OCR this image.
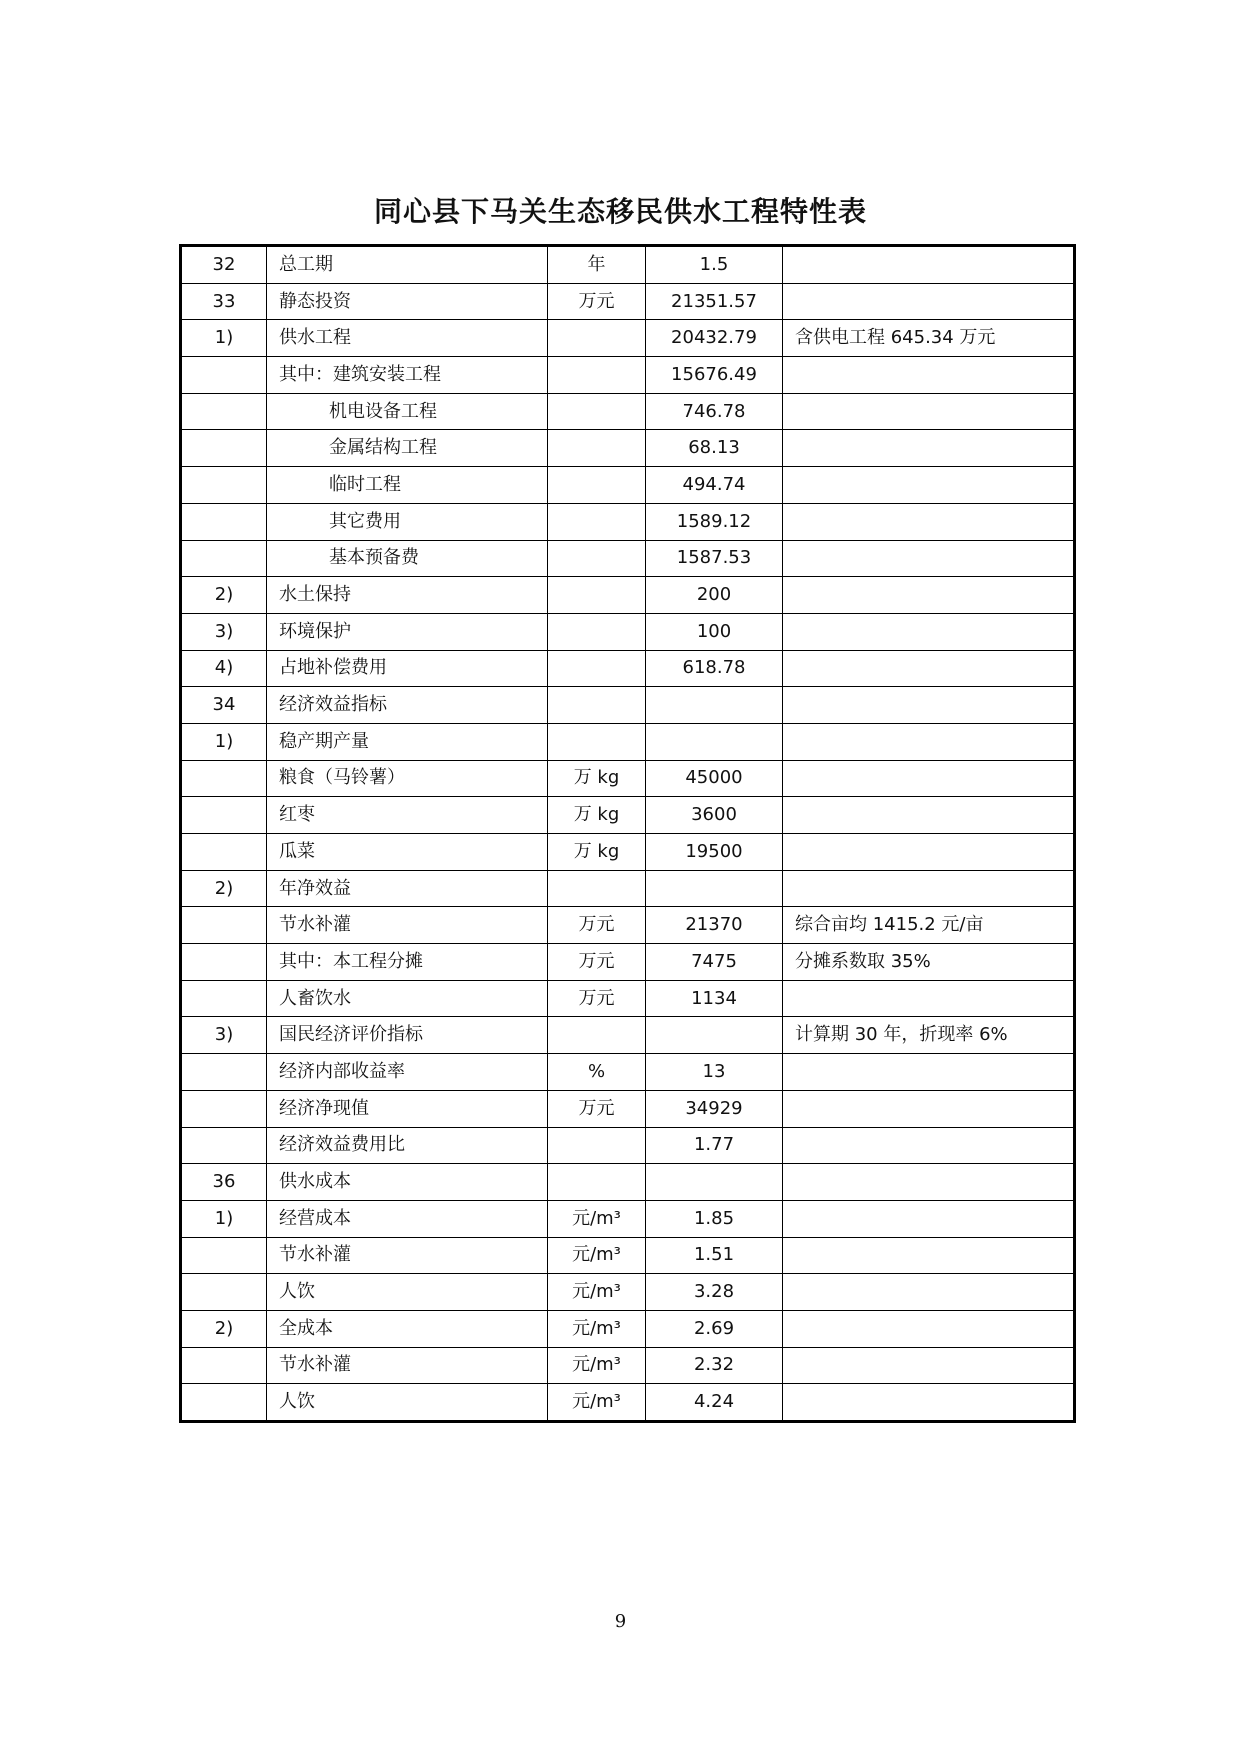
同心县下马关生态移民供水工程特性表
32	总工期	年	1.5	
33	静态投资	万元	21351.57	
1)	供水工程		20432.79	含供电工程 645.34 万元
	其中：建筑安装工程		15676.49	
	机电设备工程		746.78	
	金属结构工程		68.13	
	临时工程		494.74	
	其它费用		1589.12	
	基本预备费		1587.53	
2)	水土保持		200	
3)	环境保护		100	
4)	占地补偿费用		618.78	
34	经济效益指标			
1)	稳产期产量			
	粮食（马铃薯）	万 kg	45000	
	红枣	万 kg	3600	
	瓜菜	万 kg	19500	
2)	年净效益			
	节水补灌	万元	21370	综合亩均 1415.2 元/亩
	其中：本工程分摊	万元	7475	分摊系数取 35%
	人畜饮水	万元	1134	
3)	国民经济评价指标			计算期 30 年，折现率 6%
	经济内部收益率	%	13	
	经济净现值	万元	34929	
	经济效益费用比		1.77	
36	供水成本			
1)	经营成本	元/m³	1.85	
	节水补灌	元/m³	1.51	
	人饮	元/m³	3.28	
2)	全成本	元/m³	2.69	
	节水补灌	元/m³	2.32	
	人饮	元/m³	4.24	
9
